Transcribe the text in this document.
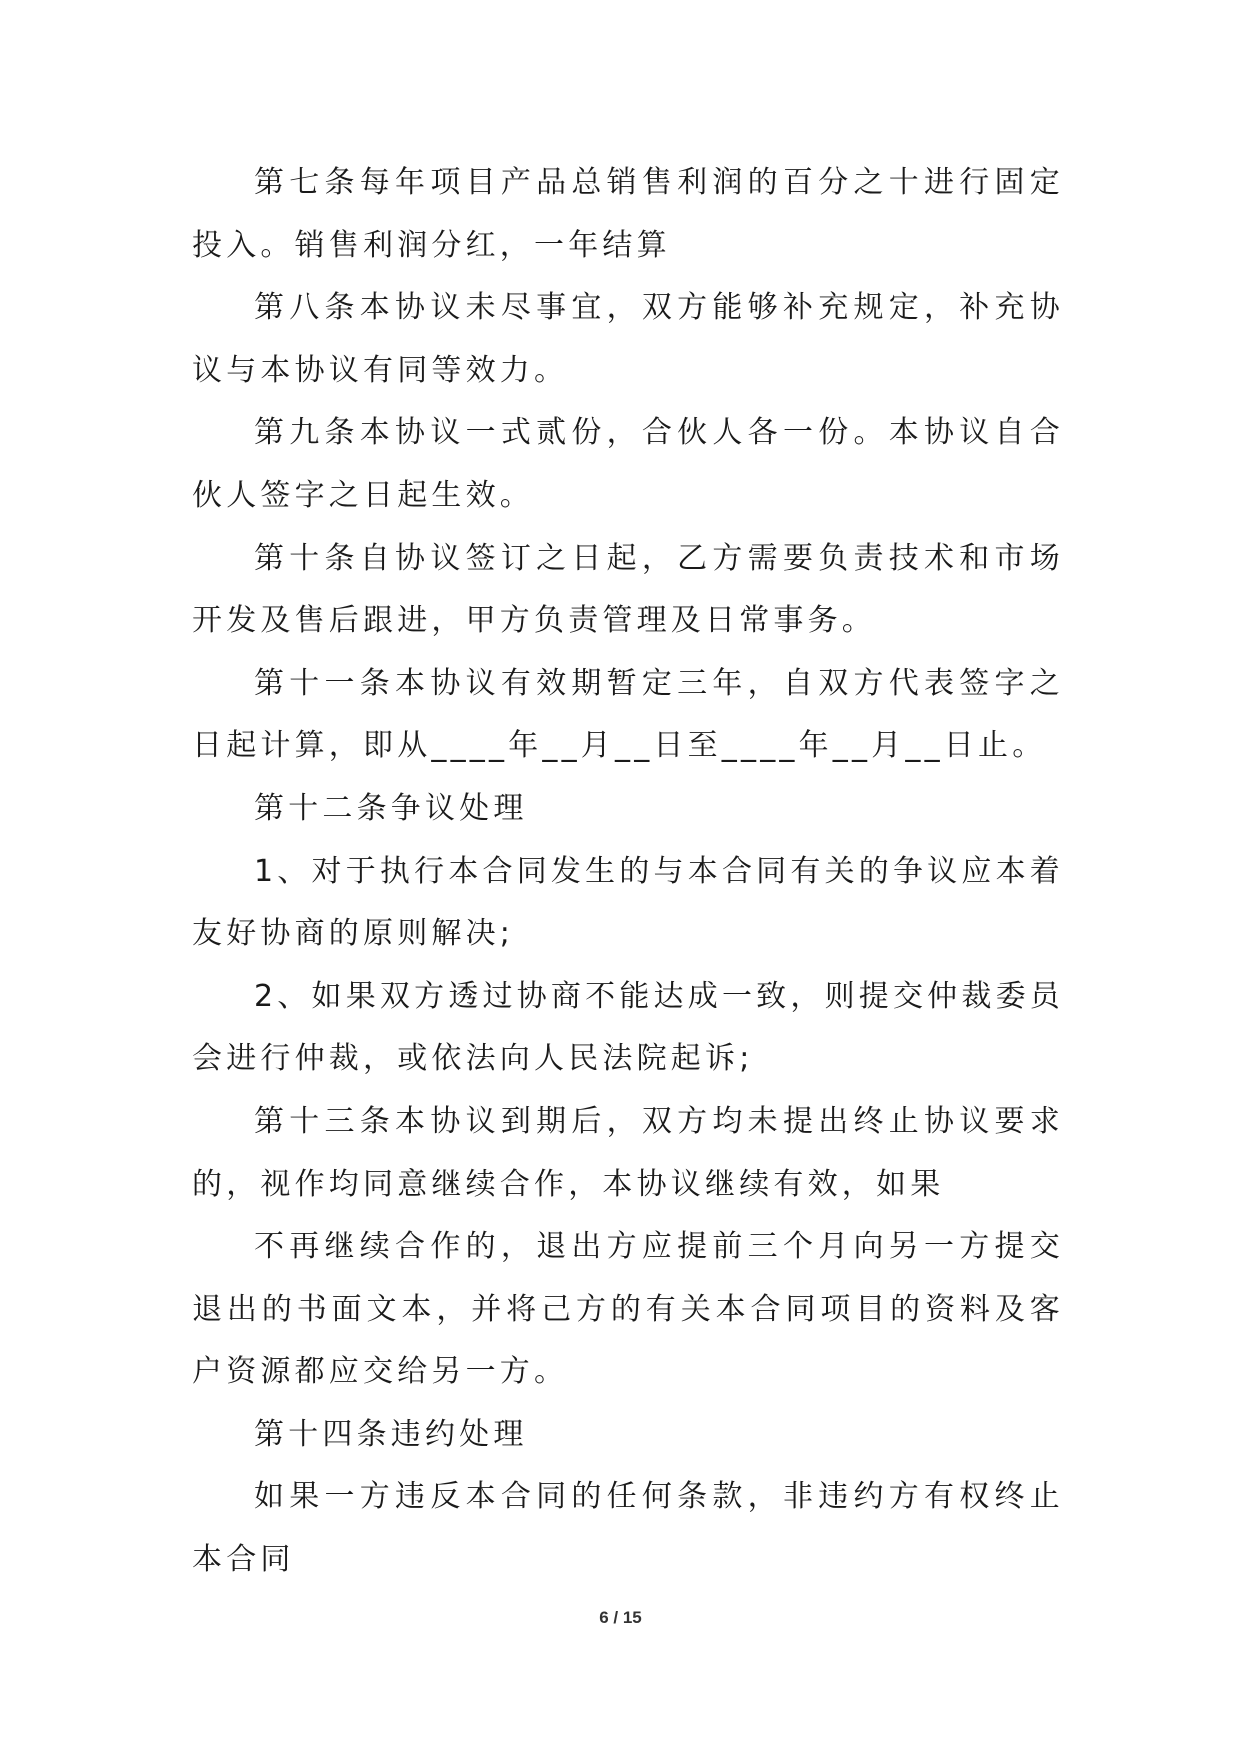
第七条每年项目产品总销售利润的百分之十进行固定投入。销售利润分红，一年结算

第八条本协议未尽事宜，双方能够补充规定，补充协议与本协议有同等效力。

第九条本协议一式贰份，合伙人各一份。本协议自合伙人签字之日起生效。

第十条自协议签订之日起，乙方需要负责技术和市场开发及售后跟进，甲方负责管理及日常事务。

第十一条本协议有效期暂定三年，自双方代表签字之日起计算，即从____年__月__日至____年__月__日止。

第十二条争议处理

1、对于执行本合同发生的与本合同有关的争议应本着友好协商的原则解决;

2、如果双方透过协商不能达成一致，则提交仲裁委员会进行仲裁，或依法向人民法院起诉;

第十三条本协议到期后，双方均未提出终止协议要求的，视作均同意继续合作，本协议继续有效，如果

不再继续合作的，退出方应提前三个月向另一方提交退出的书面文本，并将己方的有关本合同项目的资料及客户资源都应交给另一方。

第十四条违约处理

如果一方违反本合同的任何条款，非违约方有权终止本合同

6 / 15
